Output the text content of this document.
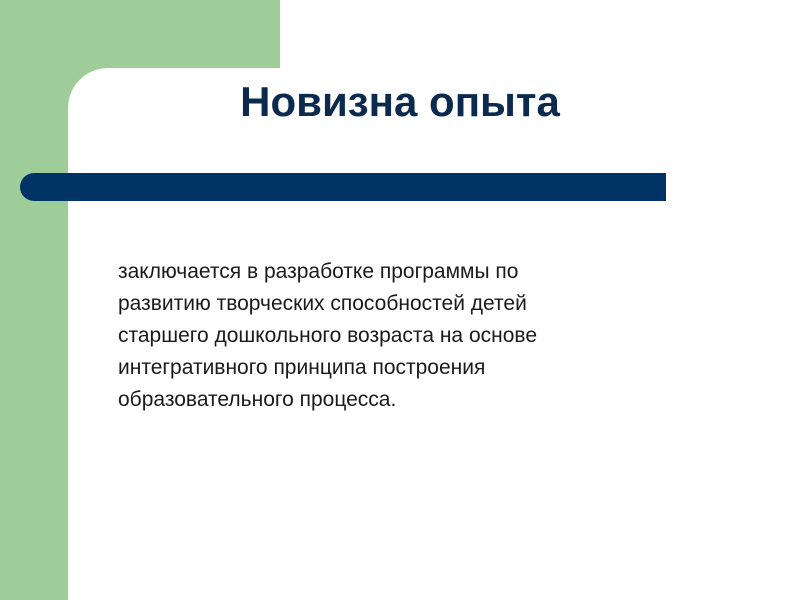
Новизна опыта

заключается в разработке программы по
развитию творческих способностей детей
старшего дошкольного возраста на основе
интегративного принципа построения
образовательного процесса.
